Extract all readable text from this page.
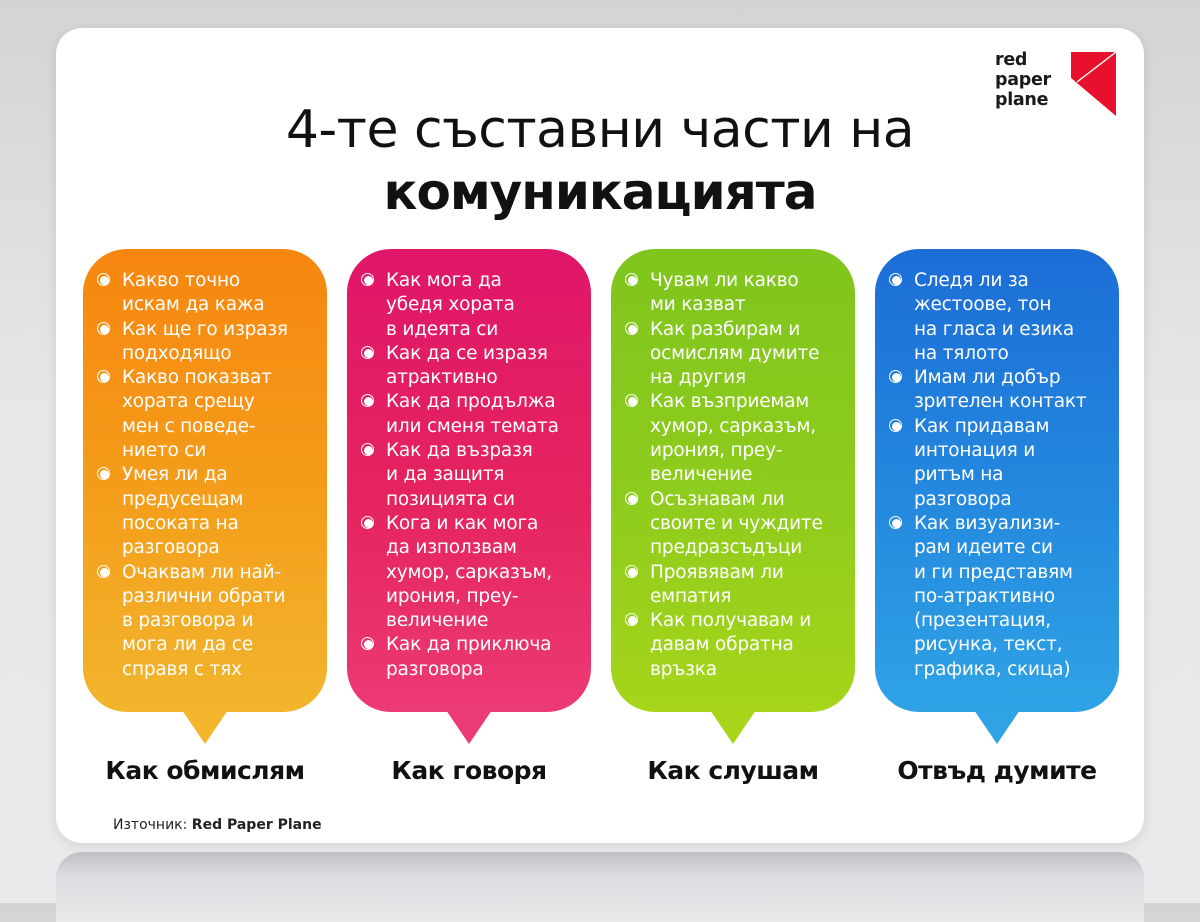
red
paper
plane

4-те съставни части на
комуникацията
Какво точно
искам да кажа
Как ще го изразя
подходящо
Какво показват
хората срещу
мен с поведе-
нието си
Умея ли да
предусещам
посоката на
разговора
Очаквам ли най-
различни обрати
в разговора и
мога ли да се
справя с тях

Как обмислям

Как мога да
убедя хората
в идеята си
Как да се изразя
атрактивно
Как да продължа
или сменя темата
Как да възразя
и да защитя
позицията си
Кога и как мога
да използвам
хумор, сарказъм,
ирония, преу-
величение
Как да приключа
разговора

Как говоря

Чувам ли какво
ми казват
Как разбирам и
осмислям думите
на другия
Как възприемам
хумор, сарказъм,
ирония, преу-
величение
Осъзнавам ли
своите и чуждите
предразсъдъци
Проявявам ли
емпатия
Как получавам и
давам обратна
връзка

Как слушам

Следя ли за
жестоове, тон
на гласа и езика
на тялото
Имам ли добър
зрителен контакт
Как придавам
интонация и
ритъм на
разговора
Как визуализи-
рам идеите си
и ги представям
по-атрактивно
(презентация,
рисунка, текст,
графика, скица)

Отвъд думите

Източник: Red Paper Plane
